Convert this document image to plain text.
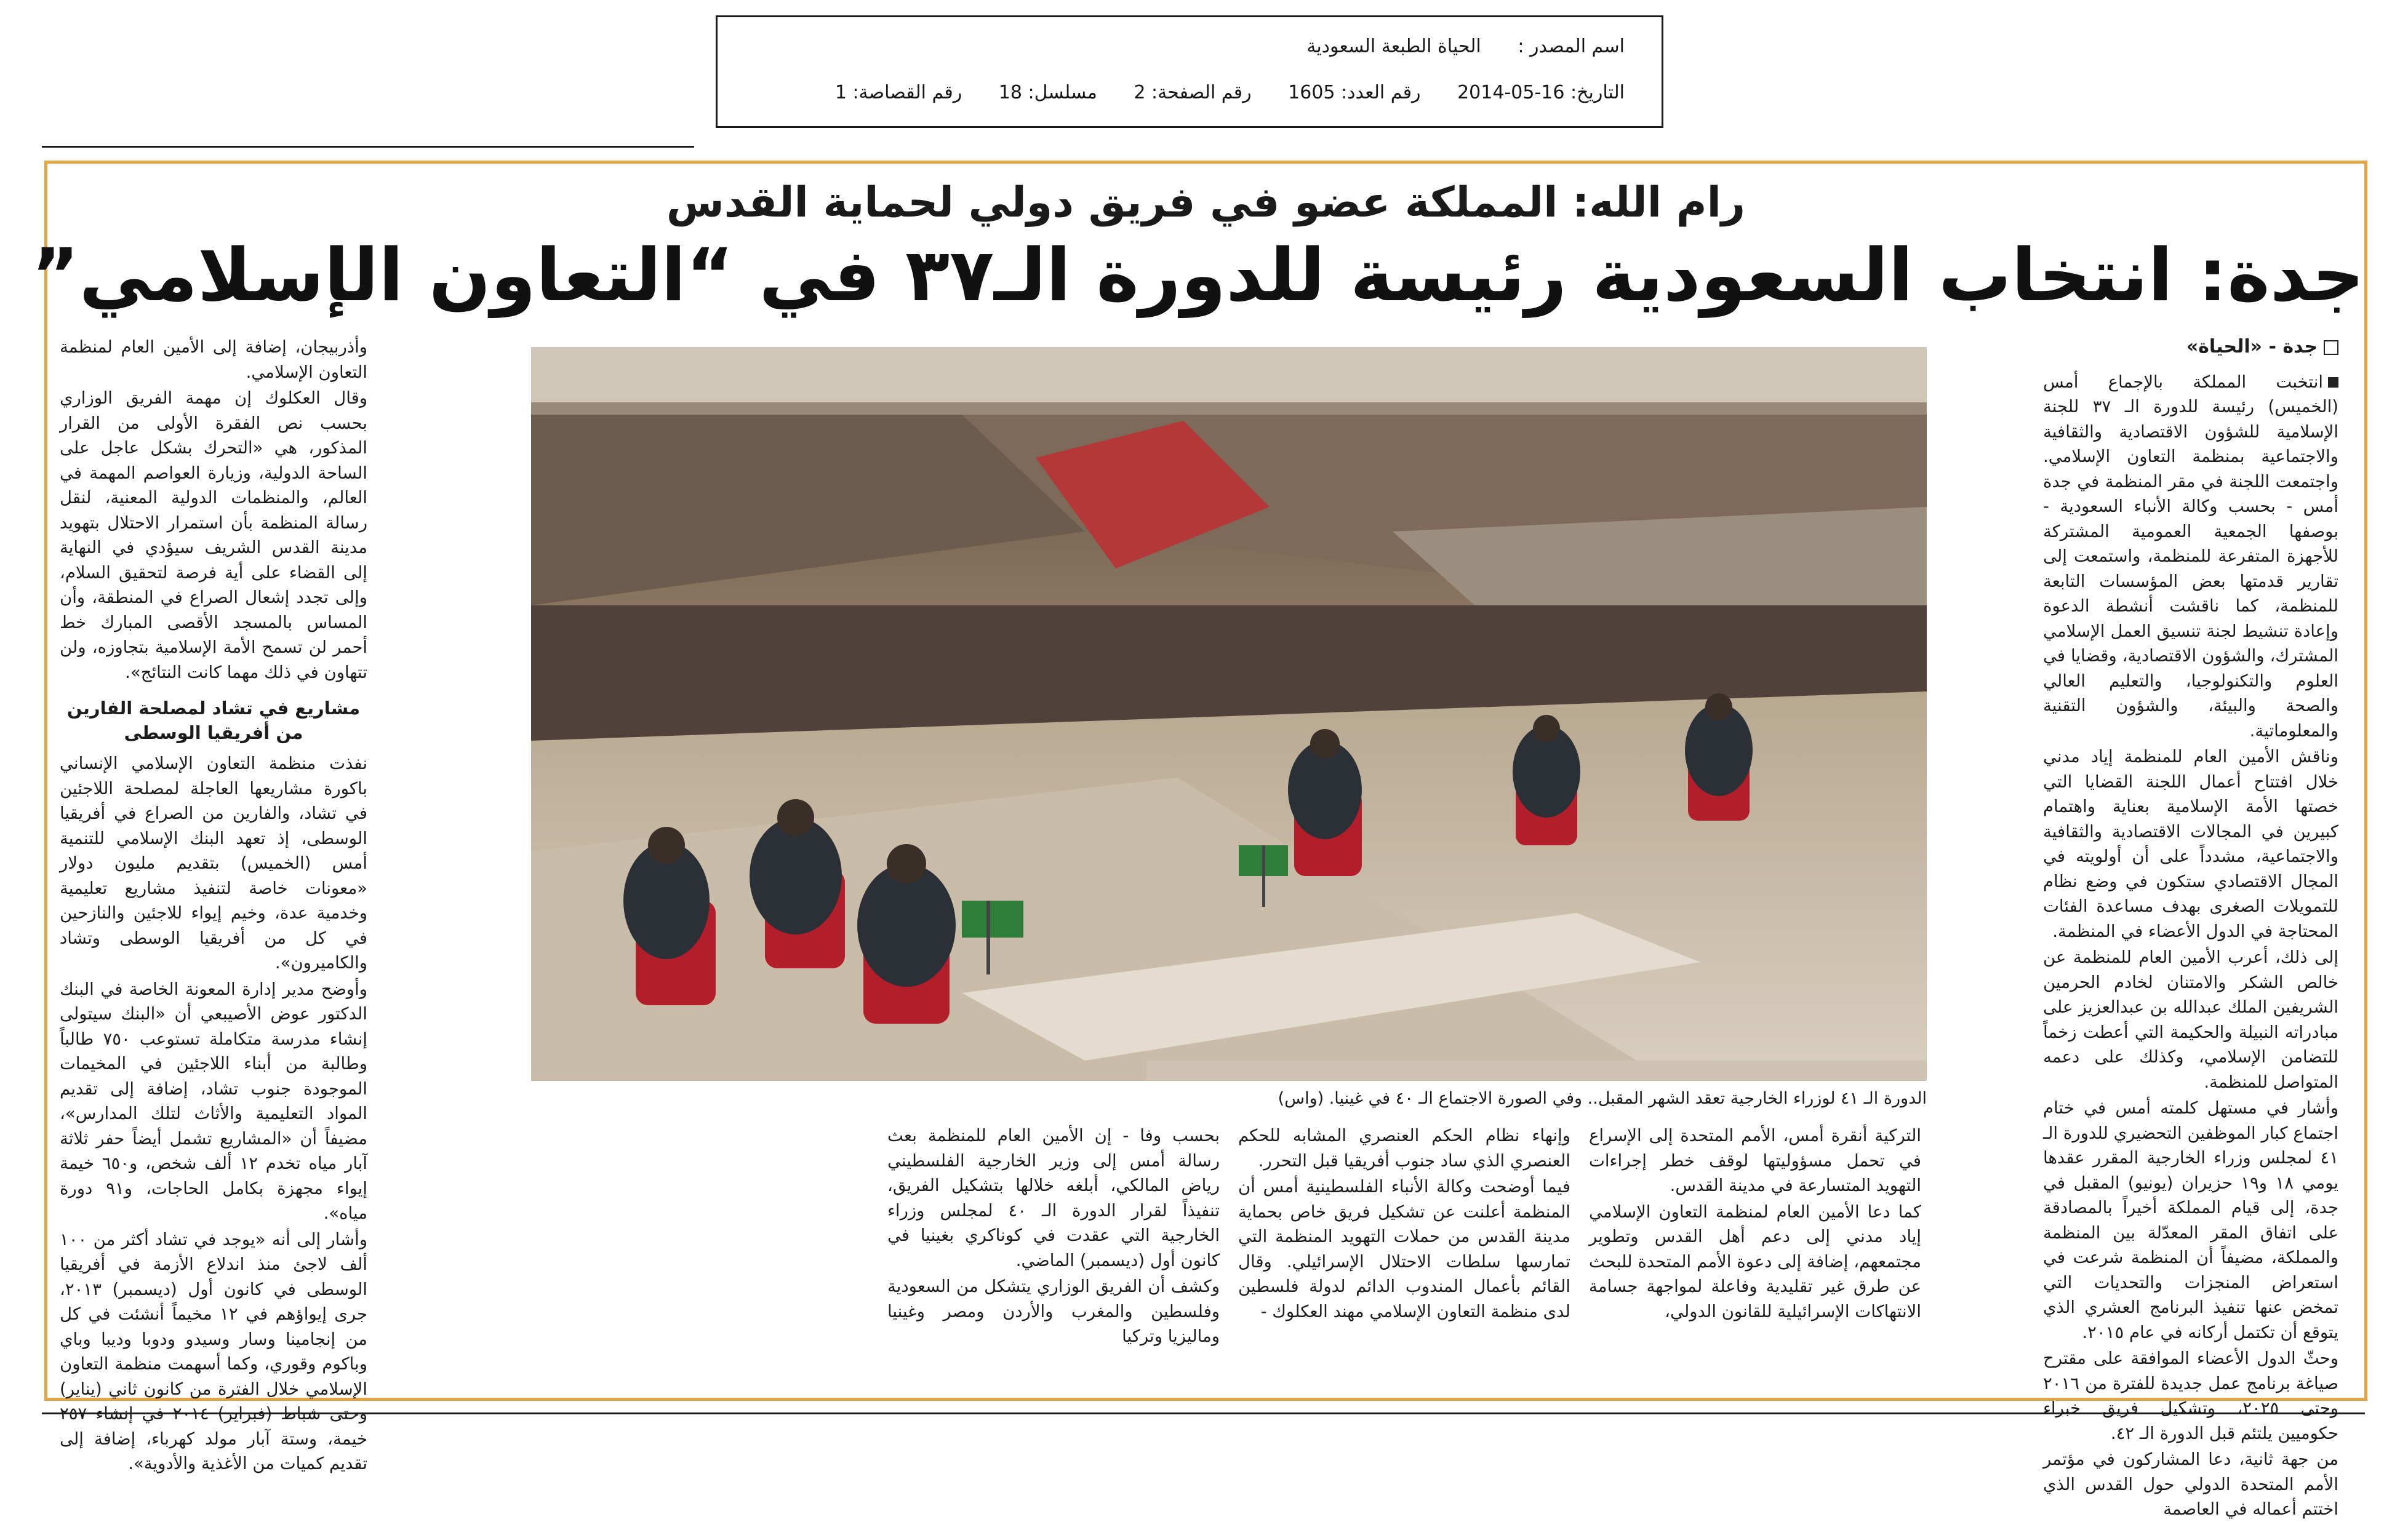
اسم المصدر : الحياة الطبعة السعودية
التاريخ: 16-05-2014 رقم العدد: 1605 رقم الصفحة: 2 مسلسل: 18 رقم القصاصة: 1
رام الله: المملكة عضو في فريق دولي لحماية القدس
جدة: انتخاب السعودية رئيسة للدورة الـ٣٧ في “التعاون الإسلامي”
جدة - «الحياة»

انتخبت المملكة بالإجماع أمس (الخميس) رئيسة للدورة الـ ٣٧ للجنة الإسلامية للشؤون الاقتصادية والثقافية والاجتماعية بمنظمة التعاون الإسلامي. واجتمعت اللجنة في مقر المنظمة في جدة أمس - بحسب وكالة الأنباء السعودية - بوصفها الجمعية العمومية المشتركة للأجهزة المتفرعة للمنظمة، واستمعت إلى تقارير قدمتها بعض المؤسسات التابعة للمنظمة، كما ناقشت أنشطة الدعوة وإعادة تنشيط لجنة تنسيق العمل الإسلامي المشترك، والشؤون الاقتصادية، وقضايا في العلوم والتكنولوجيا، والتعليم العالي والصحة والبيئة، والشؤون التقنية والمعلوماتية.

وناقش الأمين العام للمنظمة إياد مدني خلال افتتاح أعمال اللجنة القضايا التي خصتها الأمة الإسلامية بعناية واهتمام كبيرين في المجالات الاقتصادية والثقافية والاجتماعية، مشدداً على أن أولويته في المجال الاقتصادي ستكون في وضع نظام للتمويلات الصغرى بهدف مساعدة الفئات المحتاجة في الدول الأعضاء في المنظمة.

إلى ذلك، أعرب الأمين العام للمنظمة عن خالص الشكر والامتنان لخادم الحرمين الشريفين الملك عبدالله بن عبدالعزيز على مبادراته النبيلة والحكيمة التي أعطت زخماً للتضامن الإسلامي، وكذلك على دعمه المتواصل للمنظمة.

وأشار في مستهل كلمته أمس في ختام اجتماع كبار الموظفين التحضيري للدورة الـ ٤١ لمجلس وزراء الخارجية المقرر عقدها يومي ١٨ و١٩ حزيران (يونيو) المقبل في جدة، إلى قيام المملكة أخيراً بالمصادقة على اتفاق المقر المعدّلة بين المنظمة والمملكة، مضيفاً أن المنظمة شرعت في استعراض المنجزات والتحديات التي تمخض عنها تنفيذ البرنامج العشري الذي يتوقع أن تكتمل أركانه في عام ٢٠١٥.

وحثّ الدول الأعضاء الموافقة على مقترح صياغة برنامج عمل جديدة للفترة من ٢٠١٦ وحتى ٢٠٢٥، وتشكيل فريق خبراء حكوميين يلتئم قبل الدورة الـ ٤٢.

من جهة ثانية، دعا المشاركون في مؤتمر الأمم المتحدة الدولي حول القدس الذي اختتم أعماله في العاصمة

وأذربيجان، إضافة إلى الأمين العام لمنظمة التعاون الإسلامي.

وقال العكلوك إن مهمة الفريق الوزاري بحسب نص الفقرة الأولى من القرار المذكور، هي «التحرك بشكل عاجل على الساحة الدولية، وزيارة العواصم المهمة في العالم، والمنظمات الدولية المعنية، لنقل رسالة المنظمة بأن استمرار الاحتلال بتهويد مدينة القدس الشريف سيؤدي في النهاية إلى القضاء على أية فرصة لتحقيق السلام، وإلى تجدد إشعال الصراع في المنطقة، وأن المساس بالمسجد الأقصى المبارك خط أحمر لن تسمح الأمة الإسلامية بتجاوزه، ولن تتهاون في ذلك مهما كانت النتائج».

مشاريع في تشاد لمصلحة الفارين من أفريقيا الوسطى

نفذت منظمة التعاون الإسلامي الإنساني باكورة مشاريعها العاجلة لمصلحة اللاجئين في تشاد، والفارين من الصراع في أفريقيا الوسطى، إذ تعهد البنك الإسلامي للتنمية أمس (الخميس) بتقديم مليون دولار «معونات خاصة لتنفيذ مشاريع تعليمية وخدمية عدة، وخيم إيواء للاجئين والنازحين في كل من أفريقيا الوسطى وتشاد والكاميرون».

وأوضح مدير إدارة المعونة الخاصة في البنك الدكتور عوض الأصيبعي أن «البنك سيتولى إنشاء مدرسة متكاملة تستوعب ٧٥٠ طالباً وطالبة من أبناء اللاجئين في المخيمات الموجودة جنوب تشاد، إضافة إلى تقديم المواد التعليمية والأثاث لتلك المدارس»، مضيفاً أن «المشاريع تشمل أيضاً حفر ثلاثة آبار مياه تخدم ١٢ ألف شخص، و٦٥٠ خيمة إيواء مجهزة بكامل الحاجات، و٩١ دورة مياه».

وأشار إلى أنه «يوجد في تشاد أكثر من ١٠٠ ألف لاجئ منذ اندلاع الأزمة في أفريقيا الوسطى في كانون أول (ديسمبر) ٢٠١٣، جرى إيواؤهم في ١٢ مخيماً أنشئت في كل من إنجامينا وسار وسيدو ودوبا وديبا وباي وباكوم وقوري، وكما أسهمت منظمة التعاون الإسلامي خلال الفترة من كانون ثاني (يناير) وحتى شباط (فبراير) ٢٠١٤ في إنشاء ٢٥٧ خيمة، وستة آبار مولد كهرباء، إضافة إلى تقديم كميات من الأغذية والأدوية».

الدورة الـ ٤١ لوزراء الخارجية تعقد الشهر المقبل.. وفي الصورة الاجتماع الـ ٤٠ في غينيا. (واس)

التركية أنقرة أمس، الأمم المتحدة إلى الإسراع في تحمل مسؤوليتها لوقف خطر إجراءات التهويد المتسارعة في مدينة القدس.

كما دعا الأمين العام لمنظمة التعاون الإسلامي إياد مدني إلى دعم أهل القدس وتطوير مجتمعهم، إضافة إلى دعوة الأمم المتحدة للبحث عن طرق غير تقليدية وفاعلة لمواجهة جسامة الانتهاكات الإسرائيلية للقانون الدولي،

وإنهاء نظام الحكم العنصري المشابه للحكم العنصري الذي ساد جنوب أفريقيا قبل التحرر.

فيما أوضحت وكالة الأنباء الفلسطينية أمس أن المنظمة أعلنت عن تشكيل فريق خاص بحماية مدينة القدس من حملات التهويد المنظمة التي تمارسها سلطات الاحتلال الإسرائيلي. وقال القائم بأعمال المندوب الدائم لدولة فلسطين لدى منظمة التعاون الإسلامي مهند العكلوك -

بحسب وفا - إن الأمين العام للمنظمة بعث رسالة أمس إلى وزير الخارجية الفلسطيني رياض المالكي، أبلغه خلالها بتشكيل الفريق، تنفيذاً لقرار الدورة الـ ٤٠ لمجلس وزراء الخارجية التي عقدت في كوناكري بغينيا في كانون أول (ديسمبر) الماضي.

وكشف أن الفريق الوزاري يتشكل من السعودية وفلسطين والمغرب والأردن ومصر وغينيا وماليزيا وتركيا
